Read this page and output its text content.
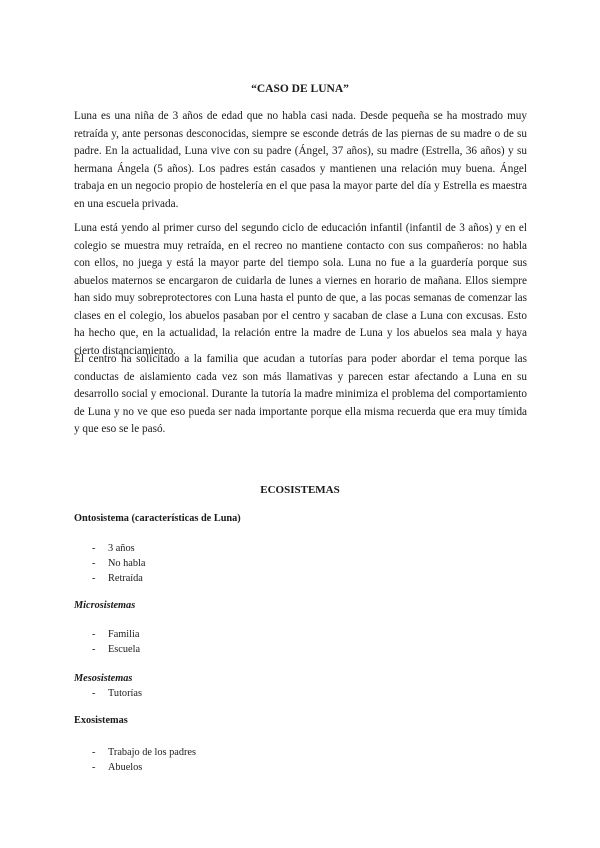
“CASO DE LUNA”

Luna es una niña de 3 años de edad que no habla casi nada. Desde pequeña se ha mostrado muy retraída y, ante personas desconocidas, siempre se esconde detrás de las piernas de su madre o de su padre. En la actualidad, Luna vive con su padre (Ángel, 37 años), su madre (Estrella, 36 años) y su hermana Ángela (5 años). Los padres están casados y mantienen una relación muy buena. Ángel trabaja en un negocio propio de hostelería en el que pasa la mayor parte del día y Estrella es maestra en una escuela privada.

Luna está yendo al primer curso del segundo ciclo de educación infantil (infantil de 3 años) y en el colegio se muestra muy retraída, en el recreo no mantiene contacto con sus compañeros: no habla con ellos, no juega y está la mayor parte del tiempo sola. Luna no fue a la guardería porque sus abuelos maternos se encargaron de cuidarla de lunes a viernes en horario de mañana. Ellos siempre han sido muy sobreprotectores con Luna hasta el punto de que, a las pocas semanas de comenzar las clases en el colegio, los abuelos pasaban por el centro y sacaban de clase a Luna con excusas. Esto ha hecho que, en la actualidad, la relación entre la madre de Luna y los abuelos sea mala y haya cierto distanciamiento.

El centro ha solicitado a la familia que acudan a tutorías para poder abordar el tema porque las conductas de aislamiento cada vez son más llamativas y parecen estar afectando a Luna en su desarrollo social y emocional. Durante la tutoría la madre minimiza el problema del comportamiento de Luna y no ve que eso pueda ser nada importante porque ella misma recuerda que era muy tímida y que eso se le pasó.

ECOSISTEMAS

Ontosistema (características de Luna)

- 3 años
- No habla
- Retraída

Microsistemas

- Familia
- Escuela

Mesosistemas

- Tutorías

Exosistemas

- Trabajo de los padres
- Abuelos
